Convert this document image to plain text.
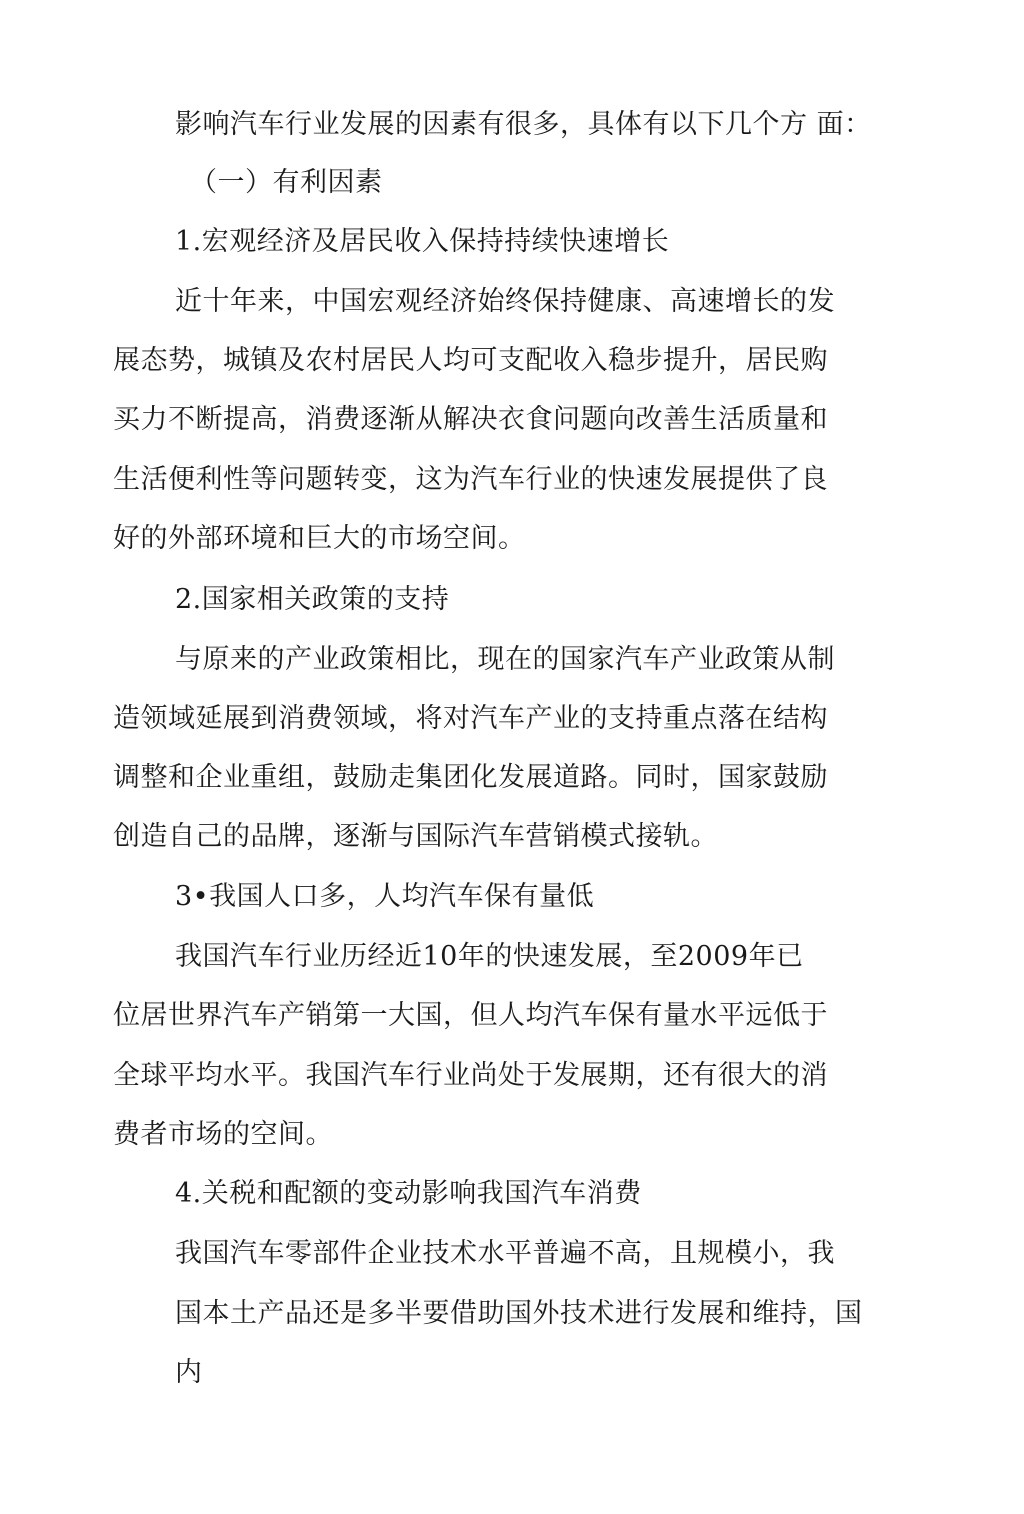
影响汽车行业发展的因素有很多，具体有以下几个方 面：
（一）有利因素
1.宏观经济及居民收入保持持续快速增长
近十年来，中国宏观经济始终保持健康、高速增长的发
展态势，城镇及农村居民人均可支配收入稳步提升，居民购
买力不断提高，消费逐渐从解决衣食问题向改善生活质量和
生活便利性等问题转变，这为汽车行业的快速发展提供了良
好的外部环境和巨大的市场空间。
2.国家相关政策的支持
与原来的产业政策相比，现在的国家汽车产业政策从制
造领域延展到消费领域，将对汽车产业的支持重点落在结构
调整和企业重组，鼓励走集团化发展道路。同时，国家鼓励
创造自己的品牌，逐渐与国际汽车营销模式接轨。
3•我国人口多，人均汽车保有量低
我国汽车行业历经近10年的快速发展，至2009年已
位居世界汽车产销第一大国，但人均汽车保有量水平远低于
全球平均水平。我国汽车行业尚处于发展期，还有很大的消
费者市场的空间。
4.关税和配额的变动影响我国汽车消费
我国汽车零部件企业技术水平普遍不高，且规模小，我
国本土产品还是多半要借助国外技术进行发展和维持，国
内
